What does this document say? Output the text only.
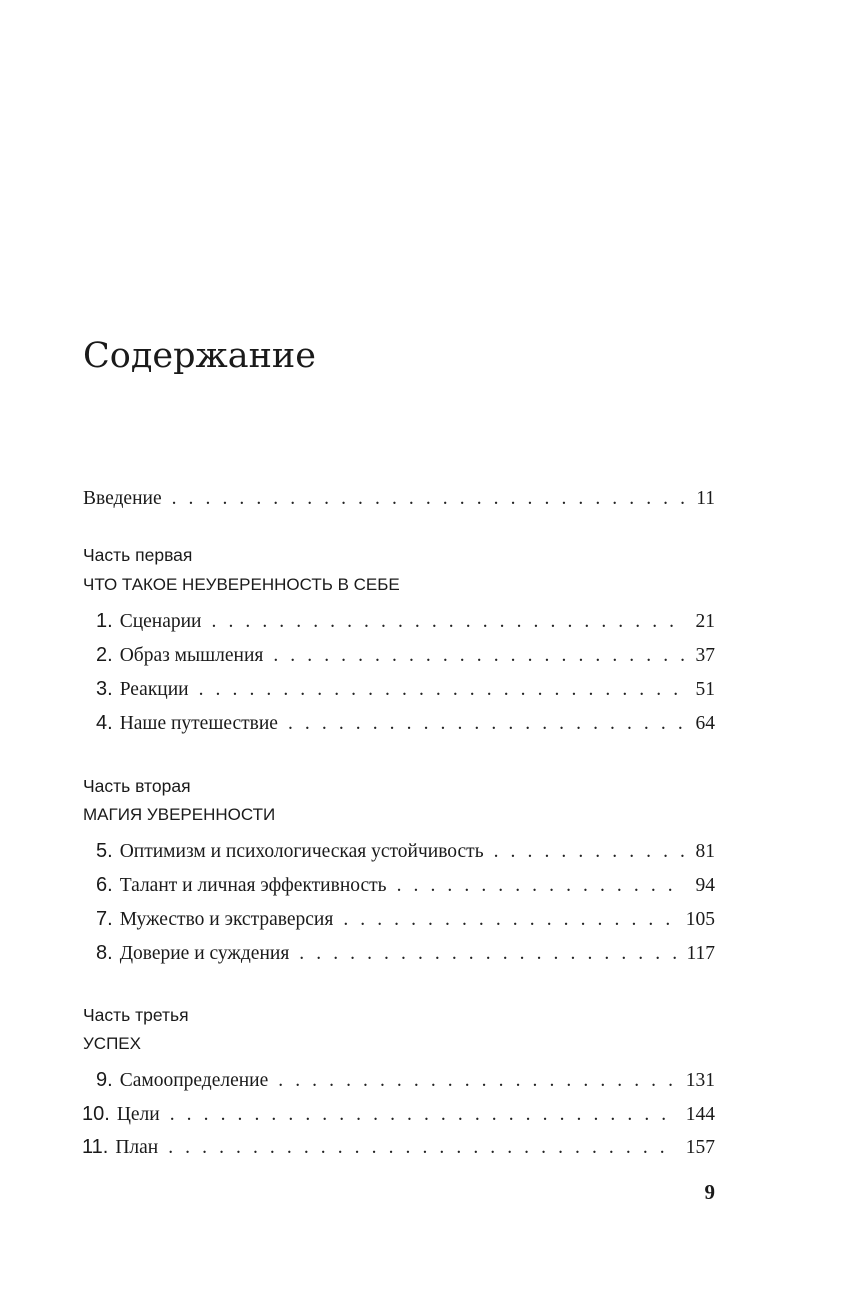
Содержание
Введение . . .	11
Часть первая
ЧТО ТАКОЕ НЕУВЕРЕННОСТЬ В СЕБЕ
1. Сценарии . . .	21
2. Образ мышления . . .	37
3. Реакции . . .	51
4. Наше путешествие . . .	64
Часть вторая
МАГИЯ УВЕРЕННОСТИ
5. Оптимизм и психологическая устойчивость . . .	81
6. Талант и личная эффективность . . .	94
7. Мужество и экстраверсия . . .	105
8. Доверие и суждения . . .	117
Часть третья
УСПЕХ
9. Самоопределение . . .	131
10. Цели . . .	144
11. План . . .	157
9
